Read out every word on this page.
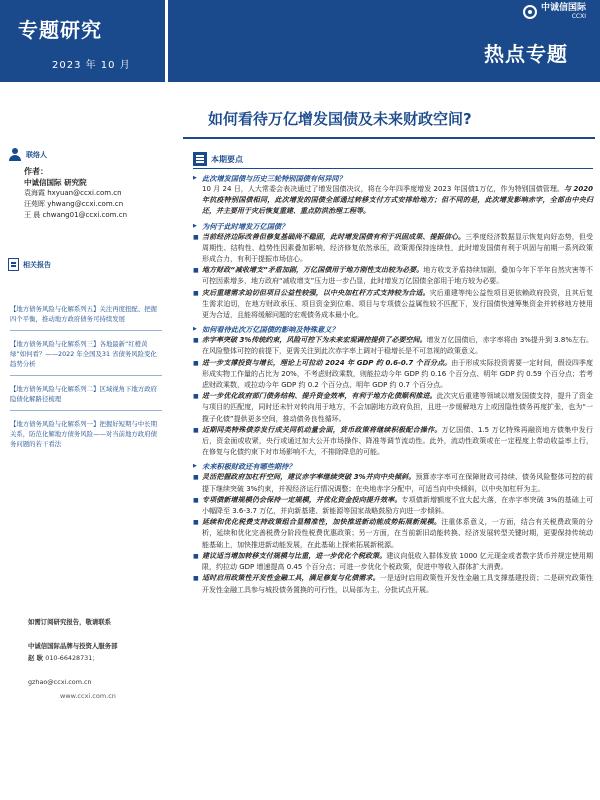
专题研究
2023 年 10 月
中诚信国际
CCXI
热点专题
联络人
作者：
中诚信国际 研究院
袁海霞 hxyuan@ccxi.com.cn
汪苑晖 yhwang@ccxi.com.cn
王 晨 chwang01@ccxi.com.cn
相关报告
【地方债务风险与化解系列五】关注再度扭配、把握四个平衡，推动地方政府债务可持续发展
【地方债务风险与化解系列三】各地最新“红橙黄绿”如何看？——2022 年全国及31 省债务风险变化趋势分析
【地方债务风险与化解系列二】区域视角下地方政府隐债化解路径梳理
【地方债务风险与化解系列一】把握好短期与中长期关系，防范化解地方债务风险——对当前地方政府债务问题的若干看法
如需订阅研究报告，敬请联系
中诚信国际品牌与投资人服务部
赵 耿 010-66428731；
gzhao@ccxi.com.cn
如何看待万亿增发国债及未来财政空间?
本期要点
▶ 此次增发国债与历史三轮特别国债有何异同？
10 月 24 日，人大常委会表决通过了增发国债决议，将在今年四季度增发 2023 年国债1万亿，作为特别国债管理。与 2020 年抗疫特别国债相同，此次增发的国债全部通过转移支付方式安排给地方；但不同的是，此次增发影响赤字，全部由中央归还，并主要用于灾后恢复重建、重点防洪治理工程等。
▶ 为何于此时增发万亿国债？
■ 当前经济边际改善但修复基础尚不稳固，此时增发国债有利于巩固成果、提振信心。三季度经济数据显示恢复向好态势，但受周期性、结构性、趋势性因素叠加影响，经济修复依然承压，政策需保持连续性，此时增发国债有利于巩固与前期一系列政策形成合力，有利于提振市场信心。
■ 地方财政“减收增支”矛盾加剧，万亿国债用于地方刚性支出较为必要。地方收支矛盾持续加剧，叠加今年下半年自然灾害等不可控因素增多，地方政府“减收增支”压力进一步凸显，此时增发万亿国债全部用于地方较为必要。
■ 灾后重建需求迫切但项目公益性较强，以中央加杠杆方式支持较为合适。灾后重建等纯公益性项目更依赖政府投资，且其后复生需求迫切，在地方财政承压、项目资金到位难、项目与专项债公益属性较不匹配下，发行国债快速筹集资金并转移地方使用更为合适，且能将缓解问题的宏观债务成本最小化。
▶ 如何看待此次万亿国债的影响及特殊意义？
■ 赤字率突破 3%传统约束，风险可控下为未来宏观调控提供了必要空间。增发万亿国债后，赤字率将由 3%提升到 3.8%左右。在风险整体可控的前提下，更需关注到此次赤字率上调对于稳增长是不可忽视的政策意义。
■ 进一步支撑投资与增长，理论上可拉动 2024 年 GDP 约 0.6-0.7 个百分点。由于形成实际投资需要一定时间，假设四季度形成实物工作量的占比为 20%，不考虑财政乘数，则能拉动今年 GDP 约 0.16 个百分点、明年 GDP 约 0.59 个百分点；若考虑财政乘数，或拉动今年 GDP 约 0.2 个百分点、明年 GDP 约 0.7 个百分点。
■ 进一步优化政府部门债务结构、提升资金效率，有利于地方化债顺利推进。此次灾后重建等领域以增发国债支持，提升了资金与项目的匹配度，同时还未针对转向用于地方，不会加剧地方政府负担，且进一步缓解地方上或因隐性债务再度扩张，也为“一揽子化债”提供更多空间，推动债务良性循环。
■ 近期同类特殊债券发行成关同机动量会面，货币政策将继续积极配合操作。万亿国债、1.5 万亿特殊再融资地方债集中发行后，资金面或收紧，央行或通过加大公开市场操作、降准等调节流动性。此外，流动性政策或在一定程度上带动收益率上行，在修复与化债约束下对市场影响不大，不排除降息的可能。
▶ 未来积极财政还有哪些期待？
■ 灵活把握政府加杠杆空间，建议赤字率继续突破 3%并向中央倾斜。预算赤字率可在保障财政可持续、债务风险整体可控的前提下继续突破 3%约束，并视经济运行情况调整；在央地赤字分配中，可适当向中央倾斜，以中央加杠杆为主。
■ 专项债新增规模仍会保持一定规模，并优化资金投向提升效率。专项债新增额度不宜大起大落，在赤字率突破 3%的基础上可小幅降至 3.6-3.7 万亿，并向新基建、新能源等国家战略鼓励方向进一步倾斜。
■ 延续和优化税费支持政策组合显精准性，加快推进新动能成势拓展新规模。注重体系意义，一方面，结合有关税费政策的分析，延续和优化完善税费分阶段性税费优惠政策；另一方面，在当前新旧动能转换、经济发展转型关键时期，更要保持传统动能基础上，加快推进新动能发展，在此基础上探索拓展新税源。
■ 建议适当增加转移支付规模与比重，进一步优化个税政策。建议向低收入群体发放 1000 亿元现金或者数字货币并规定使用期限，约拉动 GDP 增速提高 0.45 个百分点；可进一步优化个税政策，促进中等收入群体扩大消费。
■ 适时启用政策性开发性金融工具，满足修复与化债需求。一是适时启用政策性开发性金融工具支撑基建投资；二是研究政策性开发性金融工具参与城投债务置换的可行性，以局部为主、分批试点开展。
www.ccxi.com.cn
